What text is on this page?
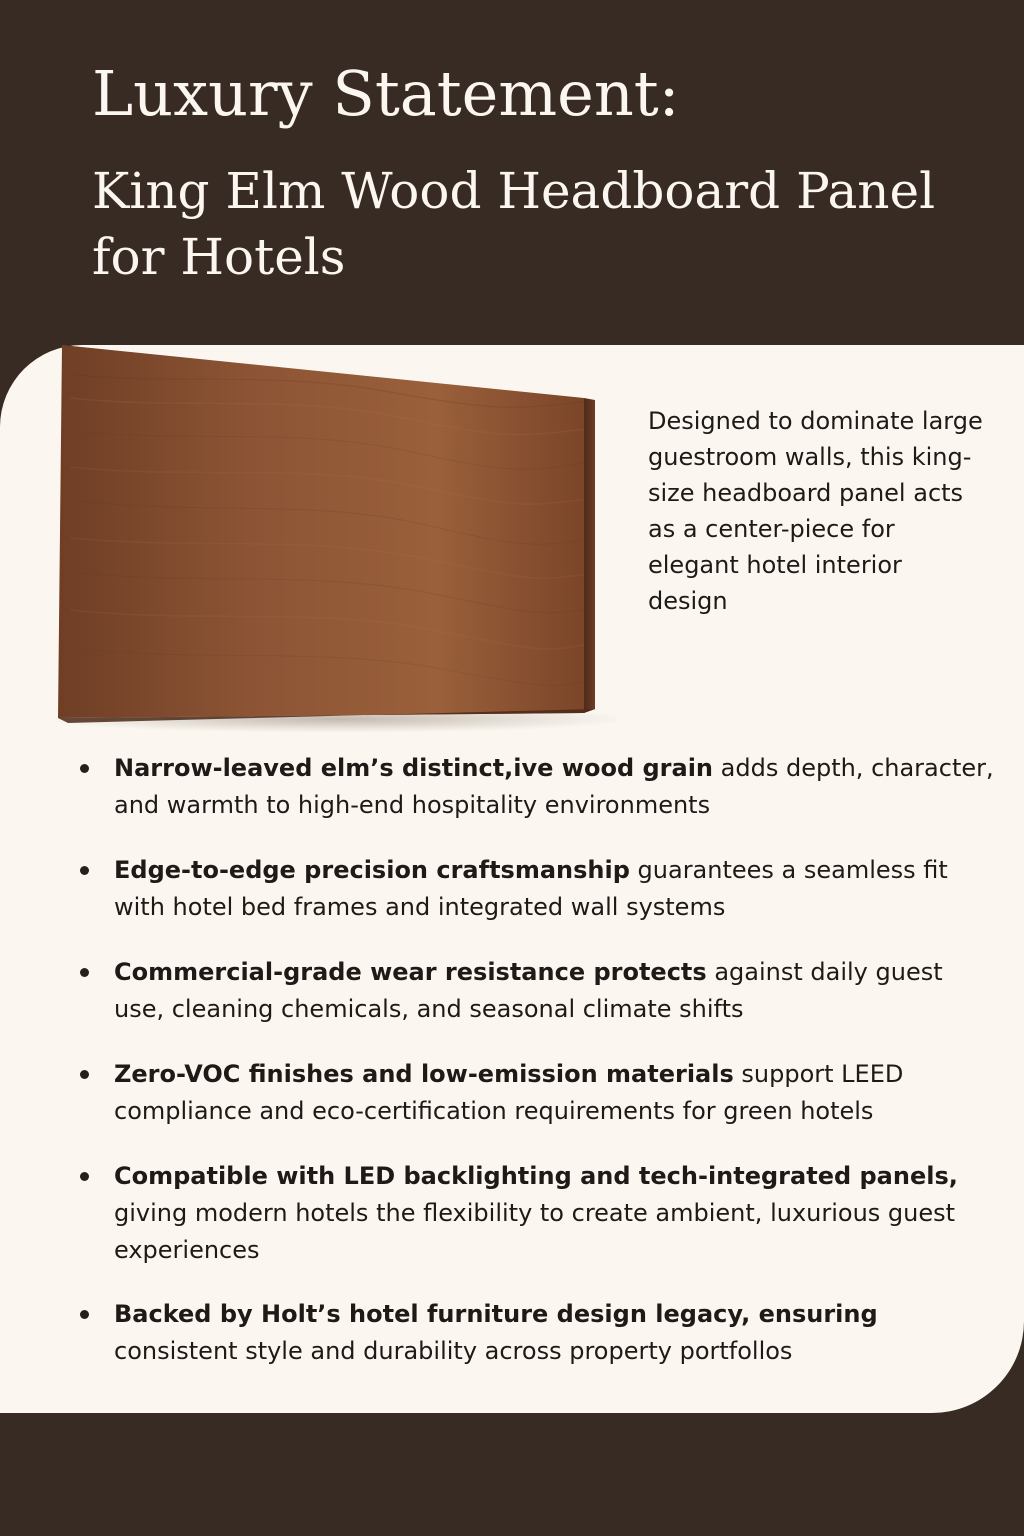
Luxury Statement:
King Elm Wood Headboard Panel for Hotels

Designed to dominate large guestroom walls, this king-size headboard panel acts as a center-piece for elegant hotel interior design

Narrow-leaved elm’s distinct,ive wood grain adds depth, character, and warmth to high-end hospitality environments
Edge-to-edge precision craftsmanship guarantees a seamless fit with hotel bed frames and integrated wall systems
Commercial-grade wear resistance protects against daily guest use, cleaning chemicals, and seasonal climate shifts
Zero-VOC finishes and low-emission materials support LEED compliance and eco-certification requirements for green hotels
Compatible with LED backlighting and tech-integrated panels, giving modern hotels the flexibility to create ambient, luxurious guest experiences
Backed by Holt’s hotel furniture design legacy, ensuring consistent style and durability across property portfollos
